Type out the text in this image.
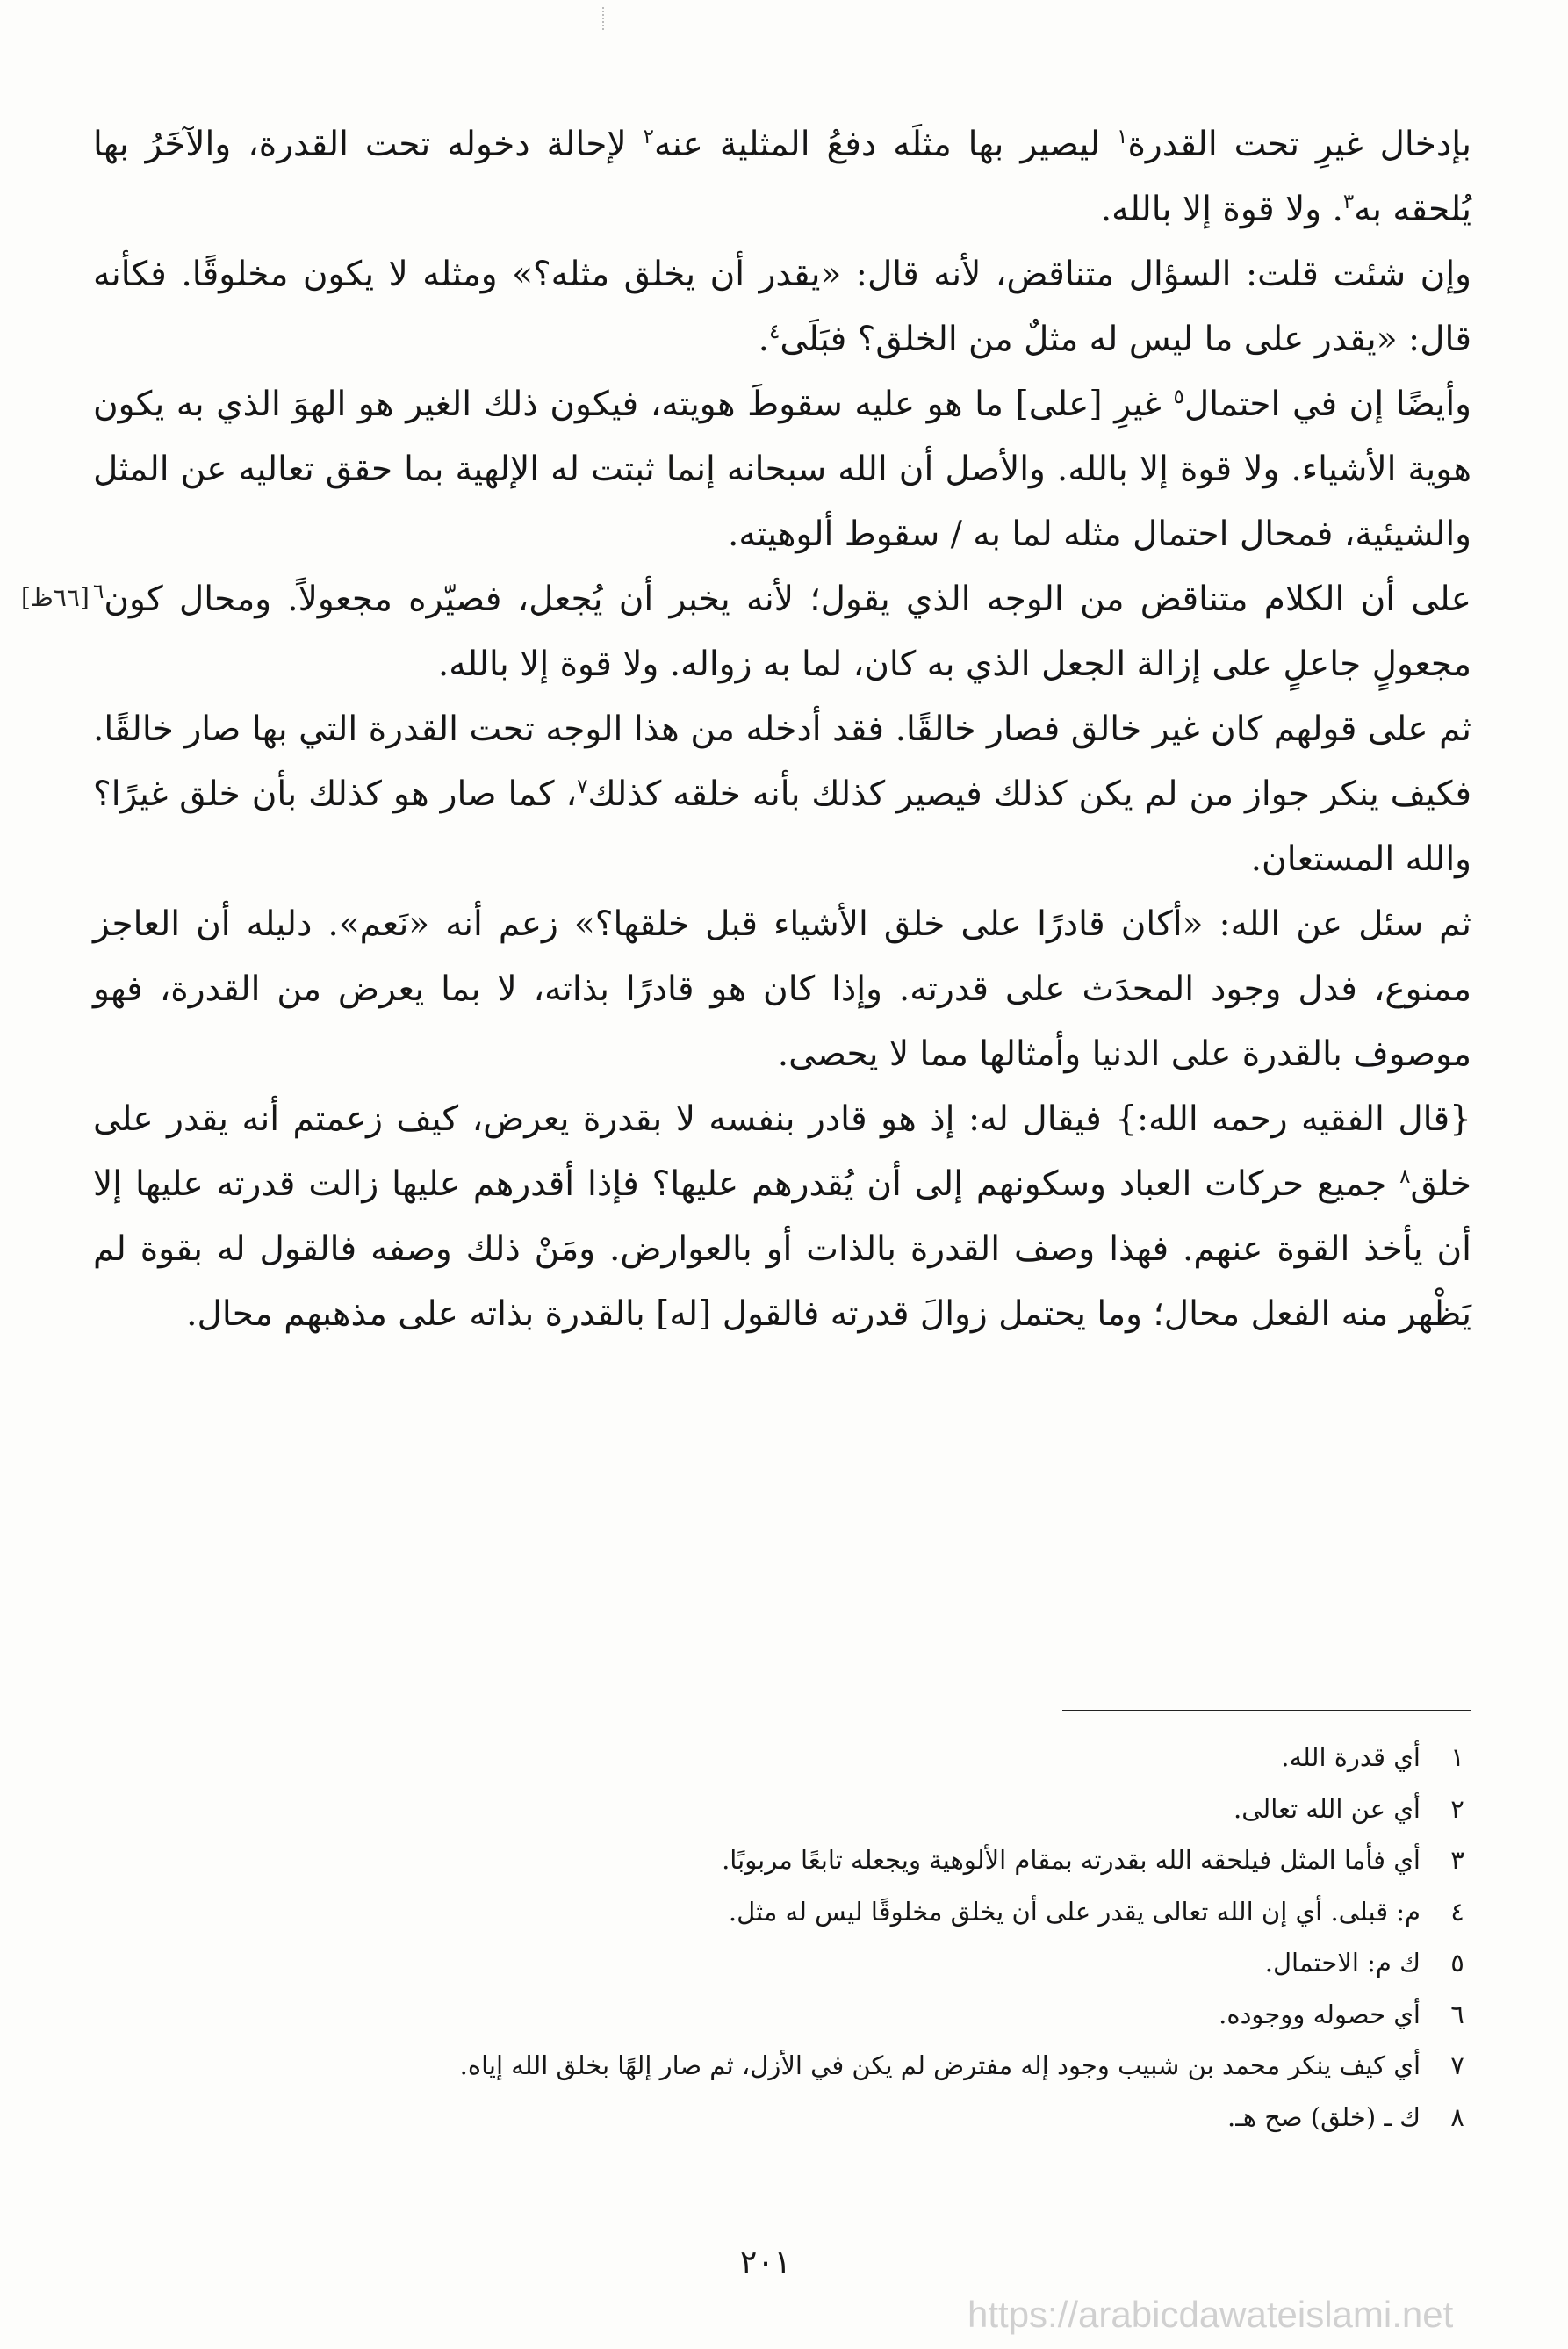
بإدخال غيرِ تحت القدرة$^١$ ليصير بها مثلَه دفعُ المثلية عنه$^٢$ لإحالة دخوله تحت القدرة، والآخَرُ بها يُلحقه به$^٣$. ولا قوة إلا بالله.

وإن شئت قلت: السؤال متناقض، لأنه قال: «يقدر أن يخلق مثله؟» ومثله لا يكون مخلوقًا. فكأنه قال: «يقدر على ما ليس له مثلٌ من الخلق؟ فبَلَى$^٤$.

وأيضًا إن في احتمال$^٥$ غيرِ [على] ما هو عليه سقوطَ هويته، فيكون ذلك الغير هو الهوَ الذي به يكون هوية الأشياء. ولا قوة إلا بالله. والأصل أن الله سبحانه إنما ثبتت له الإلهية بما حقق تعاليه عن المثل والشيئية، فمحال احتمال مثله لما به / سقوط ألوهيته.

على أن الكلام متناقض من الوجه الذي يقول؛ لأنه يخبر أن يُجعل، فصيّره مجعولاً. ومحال كون$^٦$ مجعولٍ جاعلٍ على إزالة الجعل الذي به كان، لما به زواله. ولا قوة إلا بالله.

ثم على قولهم كان غير خالق فصار خالقًا. فقد أدخله من هذا الوجه تحت القدرة التي بها صار خالقًا. فكيف ينكر جواز من لم يكن كذلك فيصير كذلك بأنه خلقه كذلك$^٧$، كما صار هو كذلك بأن خلق غيرًا؟ والله المستعان.

ثم سئل عن الله: «أكان قادرًا على خلق الأشياء قبل خلقها؟» زعم أنه «نَعم». دليله أن العاجز ممنوع، فدل وجود المحدَث على قدرته. وإذا كان هو قادرًا بذاته، لا بما يعرض من القدرة، فهو موصوف بالقدرة على الدنيا وأمثالها مما لا يحصى.

{قال الفقيه رحمه الله:} فيقال له: إذ هو قادر بنفسه لا بقدرة يعرض، كيف زعمتم أنه يقدر على خلق$^٨$ جميع حركات العباد وسكونهم إلى أن يُقدرهم عليها؟ فإذا أقدرهم عليها زالت قدرته عليها إلا أن يأخذ القوة عنهم. فهذا وصف القدرة بالذات أو بالعوارض. ومَنْ ذلك وصفه فالقول له بقوة لم يَظْهر منه الفعل محال؛ وما يحتمل زوالَ قدرته فالقول [له] بالقدرة بذاته على مذهبهم محال.

[٦٦ظ]
١
أي قدرة الله.
٢
أي عن الله تعالى.
٣
أي فأما المثل فيلحقه الله بقدرته بمقام الألوهية ويجعله تابعًا مربوبًا.
٤
م: قبلى. أي إن الله تعالى يقدر على أن يخلق مخلوقًا ليس له مثل.
٥
ك م: الاحتمال.
٦
أي حصوله ووجوده.
٧
أي كيف ينكر محمد بن شبيب وجود إله مفترض لم يكن في الأزل، ثم صار إلهًا بخلق الله إياه.
٨
ك ـ (خلق) صح هـ.
٢٠١
https://arabicdawateislami.net
